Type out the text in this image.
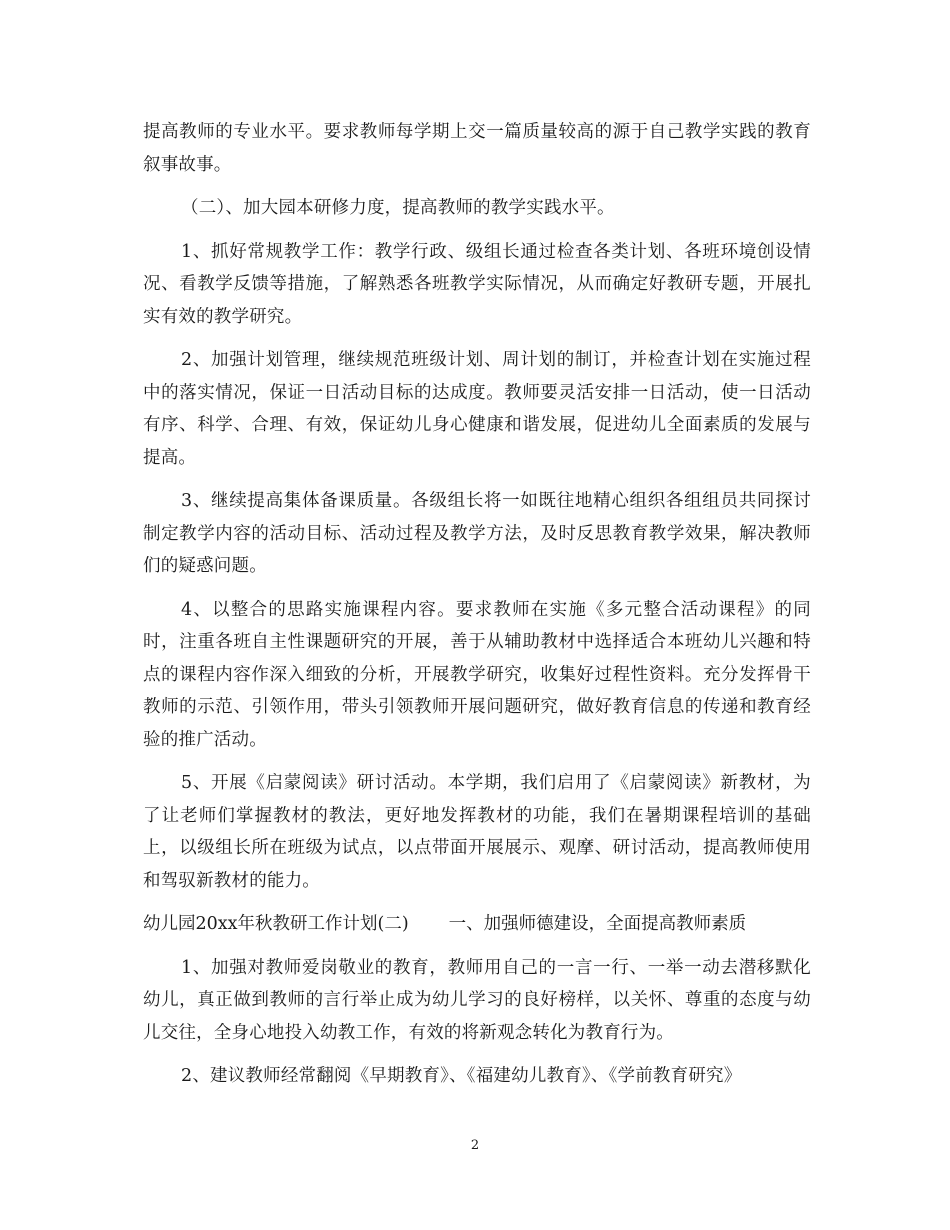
提高教师的专业水平。要求教师每学期上交一篇质量较高的源于自己教学实践的教育叙事故事。

（二）、加大园本研修力度，提高教师的教学实践水平。

1、抓好常规教学工作：教学行政、级组长通过检查各类计划、各班环境创设情况、看教学反馈等措施，了解熟悉各班教学实际情况，从而确定好教研专题，开展扎实有效的教学研究。

2、加强计划管理，继续规范班级计划、周计划的制订，并检查计划在实施过程中的落实情况，保证一日活动目标的达成度。教师要灵活安排一日活动，使一日活动有序、科学、合理、有效，保证幼儿身心健康和谐发展，促进幼儿全面素质的发展与提高。

3、继续提高集体备课质量。各级组长将一如既往地精心组织各组组员共同探讨制定教学内容的活动目标、活动过程及教学方法，及时反思教育教学效果，解决教师们的疑惑问题。

4、以整合的思路实施课程内容。要求教师在实施《多元整合活动课程》的同时，注重各班自主性课题研究的开展，善于从辅助教材中选择适合本班幼儿兴趣和特点的课程内容作深入细致的分析，开展教学研究，收集好过程性资料。充分发挥骨干教师的示范、引领作用，带头引领教师开展问题研究，做好教育信息的传递和教育经验的推广活动。

5、开展《启蒙阅读》研讨活动。本学期，我们启用了《启蒙阅读》新教材，为了让老师们掌握教材的教法，更好地发挥教材的功能，我们在暑期课程培训的基础上，以级组长所在班级为试点，以点带面开展展示、观摩、研讨活动，提高教师使用和驾驭新教材的能力。

幼儿园20xx年秋教研工作计划(二) 一、加强师德建设，全面提高教师素质

1、加强对教师爱岗敬业的教育，教师用自己的一言一行、一举一动去潜移默化幼儿，真正做到教师的言行举止成为幼儿学习的良好榜样，以关怀、尊重的态度与幼儿交往，全身心地投入幼教工作，有效的将新观念转化为教育行为。

2、建议教师经常翻阅《早期教育》、《福建幼儿教育》、《学前教育研究》

2
